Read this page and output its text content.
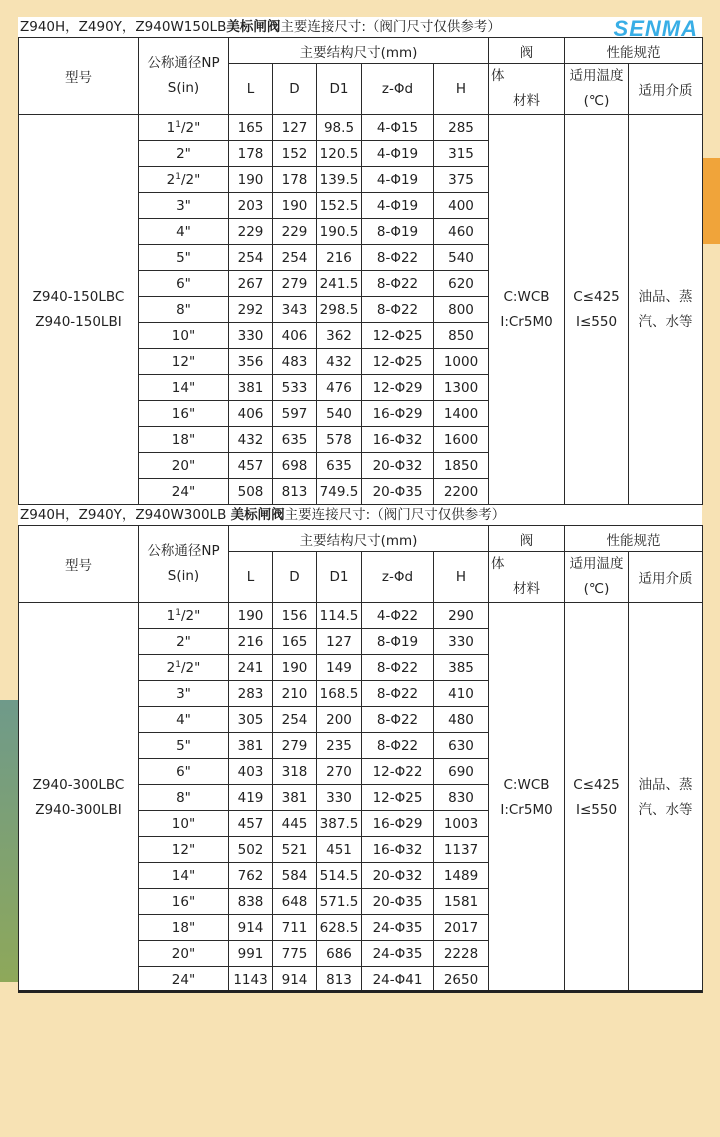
Z940H，Z490Y，Z940W150LB美标闸阀主要连接尺寸:（阀门尺寸仅供参考）	SENMA
型号	公称通径NP S(in)	主要结构尺寸(mm)					阀	性能规范	
		L	D	D1	z-Φd	H	体
材料	适用温度(℃)	适用介质
Z940-150LBC Z940-150LBI	$1^1/2$"	165	127	98.5	4-Φ15	285	C:WCB I:Cr5M0	C≤425 I≤550	油品、蒸汽、水等
	2"	178	152	120.5	4-Φ19	315			
	$2^1/2$"	190	178	139.5	4-Φ19	375			
	3"	203	190	152.5	4-Φ19	400			
	4"	229	229	190.5	8-Φ19	460			
	5"	254	254	216	8-Φ22	540			
	6"	267	279	241.5	8-Φ22	620			
	8"	292	343	298.5	8-Φ22	800			
	10"	330	406	362	12-Φ25	850			
	12"	356	483	432	12-Φ25	1000			
	14"	381	533	476	12-Φ29	1300			
	16"	406	597	540	16-Φ29	1400			
	18"	432	635	578	16-Φ32	1600			
	20"	457	698	635	20-Φ32	1850			
	24"	508	813	749.5	20-Φ35	2200			
Z940H，Z940Y，Z940W300LB 美标闸阀主要连接尺寸:（阀门尺寸仅供参考）
型号	公称通径NP S(in)	主要结构尺寸(mm)					阀	性能规范	
		L	D	D1	z-Φd	H	体
材料	适用温度(℃)	适用介质
Z940-300LBC Z940-300LBI	$1^1/2$"	190	156	114.5	4-Φ22	290	C:WCB I:Cr5M0	C≤425 I≤550	油品、蒸汽、水等
	2"	216	165	127	8-Φ19	330			
	$2^1/2$"	241	190	149	8-Φ22	385			
	3"	283	210	168.5	8-Φ22	410			
	4"	305	254	200	8-Φ22	480			
	5"	381	279	235	8-Φ22	630			
	6"	403	318	270	12-Φ22	690			
	8"	419	381	330	12-Φ25	830			
	10"	457	445	387.5	16-Φ29	1003			
	12"	502	521	451	16-Φ32	1137			
	14"	762	584	514.5	20-Φ32	1489			
	16"	838	648	571.5	20-Φ35	1581			
	18"	914	711	628.5	24-Φ35	2017			
	20"	991	775	686	24-Φ35	2228			
	24"	1143	914	813	24-Φ41	2650			
